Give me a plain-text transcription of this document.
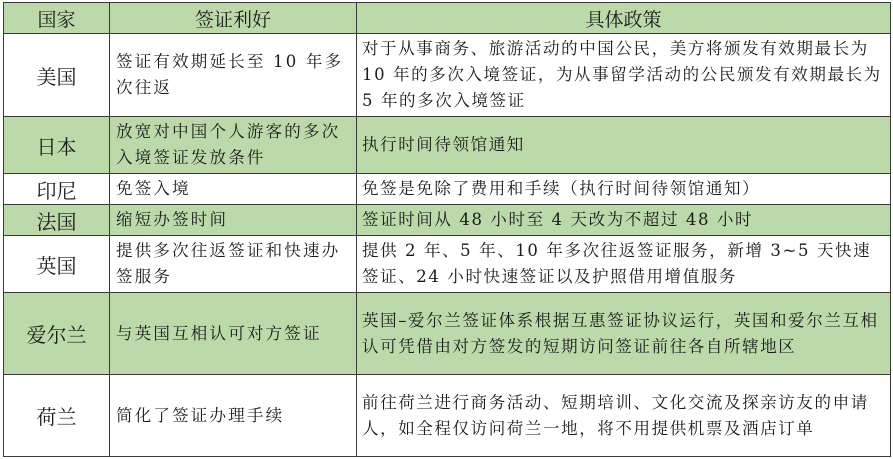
国家	签证利好	具体政策
美国	签证有效期延长至 10 年多次往返	对于从事商务、旅游活动的中国公民，美方将颁发有效期最长为 10 年的多次入境签证，为从事留学活动的公民颁发有效期最长为 5 年的多次入境签证
日本	放宽对中国个人游客的多次入境签证发放条件	执行时间待领馆通知
印尼	免签入境	免签是免除了费用和手续（执行时间待领馆通知）
法国	缩短办签时间	签证时间从 48 小时至 4 天改为不超过 48 小时
英国	提供多次往返签证和快速办签服务	提供 2 年、5 年、10 年多次往返签证服务，新增 3~5 天快速签证、24 小时快速签证以及护照借用增值服务
爱尔兰	与英国互相认可对方签证	英国–爱尔兰签证体系根据互惠签证协议运行，英国和爱尔兰互相认可凭借由对方签发的短期访问签证前往各自所辖地区
荷兰	简化了签证办理手续	前往荷兰进行商务活动、短期培训、文化交流及探亲访友的申请人，如全程仅访问荷兰一地，将不用提供机票及酒店订单
